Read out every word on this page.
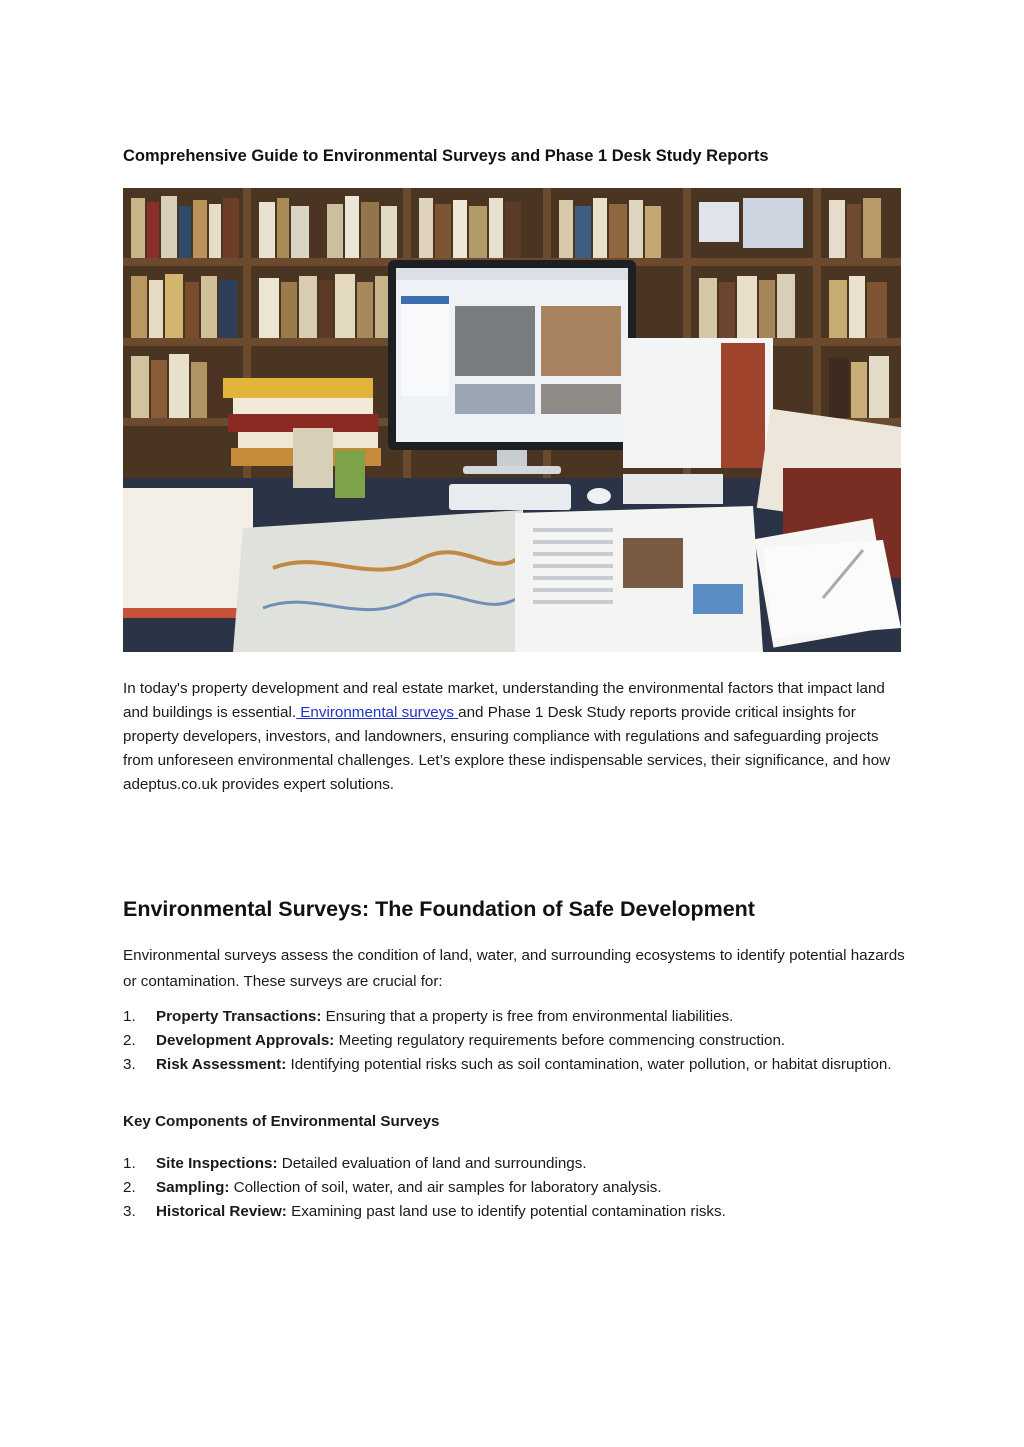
Comprehensive Guide to Environmental Surveys and Phase 1 Desk Study Reports

In today's property development and real estate market, understanding the environmental factors that impact land and buildings is essential. Environmental surveys and Phase 1 Desk Study reports provide critical insights for property developers, investors, and landowners, ensuring compliance with regulations and safeguarding projects from unforeseen environmental challenges. Let’s explore these indispensable services, their significance, and how adeptus.co.uk provides expert solutions.

Environmental Surveys: The Foundation of Safe Development

Environmental surveys assess the condition of land, water, and surrounding ecosystems to identify potential hazards or contamination. These surveys are crucial for:

1. Property Transactions: Ensuring that a property is free from environmental liabilities.
2. Development Approvals: Meeting regulatory requirements before commencing construction.
3. Risk Assessment: Identifying potential risks such as soil contamination, water pollution, or habitat disruption.
Key Components of Environmental Surveys
1. Site Inspections: Detailed evaluation of land and surroundings.
2. Sampling: Collection of soil, water, and air samples for laboratory analysis.
3. Historical Review: Examining past land use to identify potential contamination risks.
